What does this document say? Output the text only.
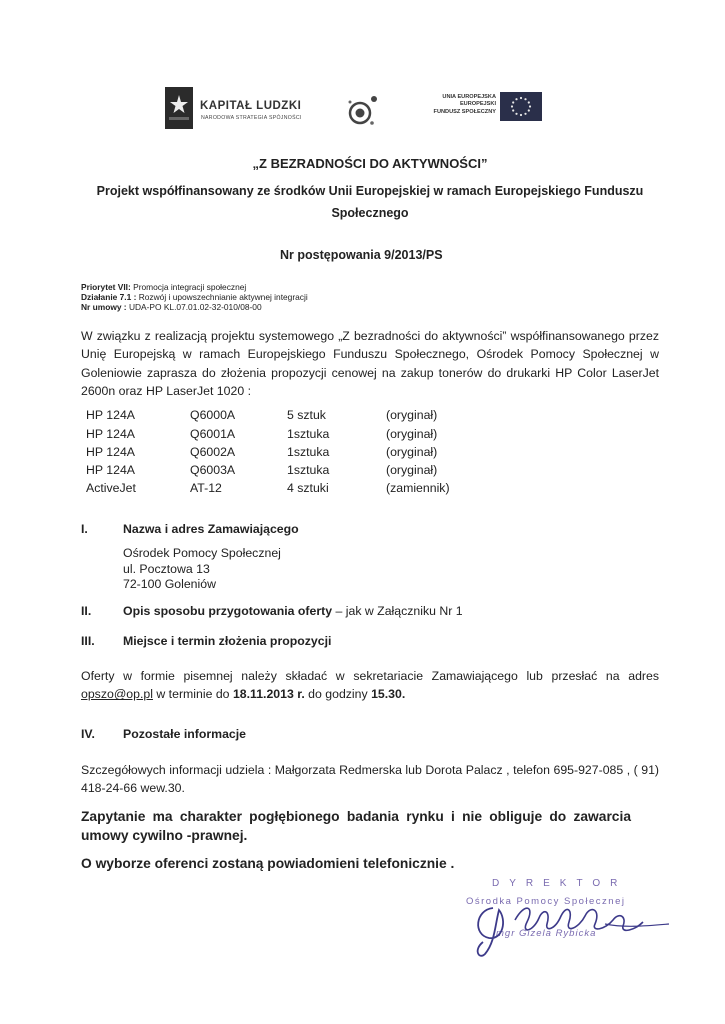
KAPITAŁ LUDZKI
NARODOWA STRATEGIA SPÓJNOŚCI
UNIA EUROPEJSKA
EUROPEJSKI
FUNDUSZ SPOŁECZNY
„Z BEZRADNOŚCI DO AKTYWNOŚCI”
Projekt współfinansowany ze środków Unii Europejskiej w ramach Europejskiego Funduszu Społecznego
Nr postępowania 9/2013/PS
Priorytet VII: Promocja integracji społecznej
Działanie 7.1 : Rozwój i upowszechnianie aktywnej integracji
Nr umowy : UDA-PO KL.07.01.02-32-010/08-00
W związku z realizacją projektu systemowego „Z bezradności do aktywności” współfinansowanego przez Unię Europejską w ramach Europejskiego Funduszu Społecznego, Ośrodek Pomocy Społecznej w Goleniowie zaprasza do złożenia propozycji cenowej na zakup tonerów do drukarki HP Color LaserJet 2600n oraz HP LaserJet 1020 :
HP 124A	Q6000A	5 sztuk	(oryginał)
HP 124A	Q6001A	1sztuka	(oryginał)
HP 124A	Q6002A	1sztuka	(oryginał)
HP 124A	Q6003A	1sztuka	(oryginał)
ActiveJet	AT-12	4 sztuki	(zamiennik)
I.	Nazwa i adres Zamawiającego
Ośrodek Pomocy Społecznej
ul. Pocztowa 13
72-100 Goleniów
II.	Opis sposobu przygotowania oferty – jak w Załączniku Nr 1
III. Miejsce i termin złożenia propozycji
Oferty w formie pisemnej należy składać w sekretariacie Zamawiającego lub przesłać na adres opszo@op.pl w terminie do 18.11.2013 r. do godziny 15.30.
IV. Pozostałe informacje
Szczegółowych informacji udziela : Małgorzata Redmerska lub Dorota Palacz , telefon 695-927-085 , ( 91) 418-24-66 wew.30.
Zapytanie ma charakter pogłębionego badania rynku i nie obliguje do zawarcia umowy cywilno -prawnej.
O wyborze oferenci zostaną powiadomieni telefonicznie .
DYREKTOR
Ośrodka Pomocy Społecznej
mgr Gizela Rybicka
